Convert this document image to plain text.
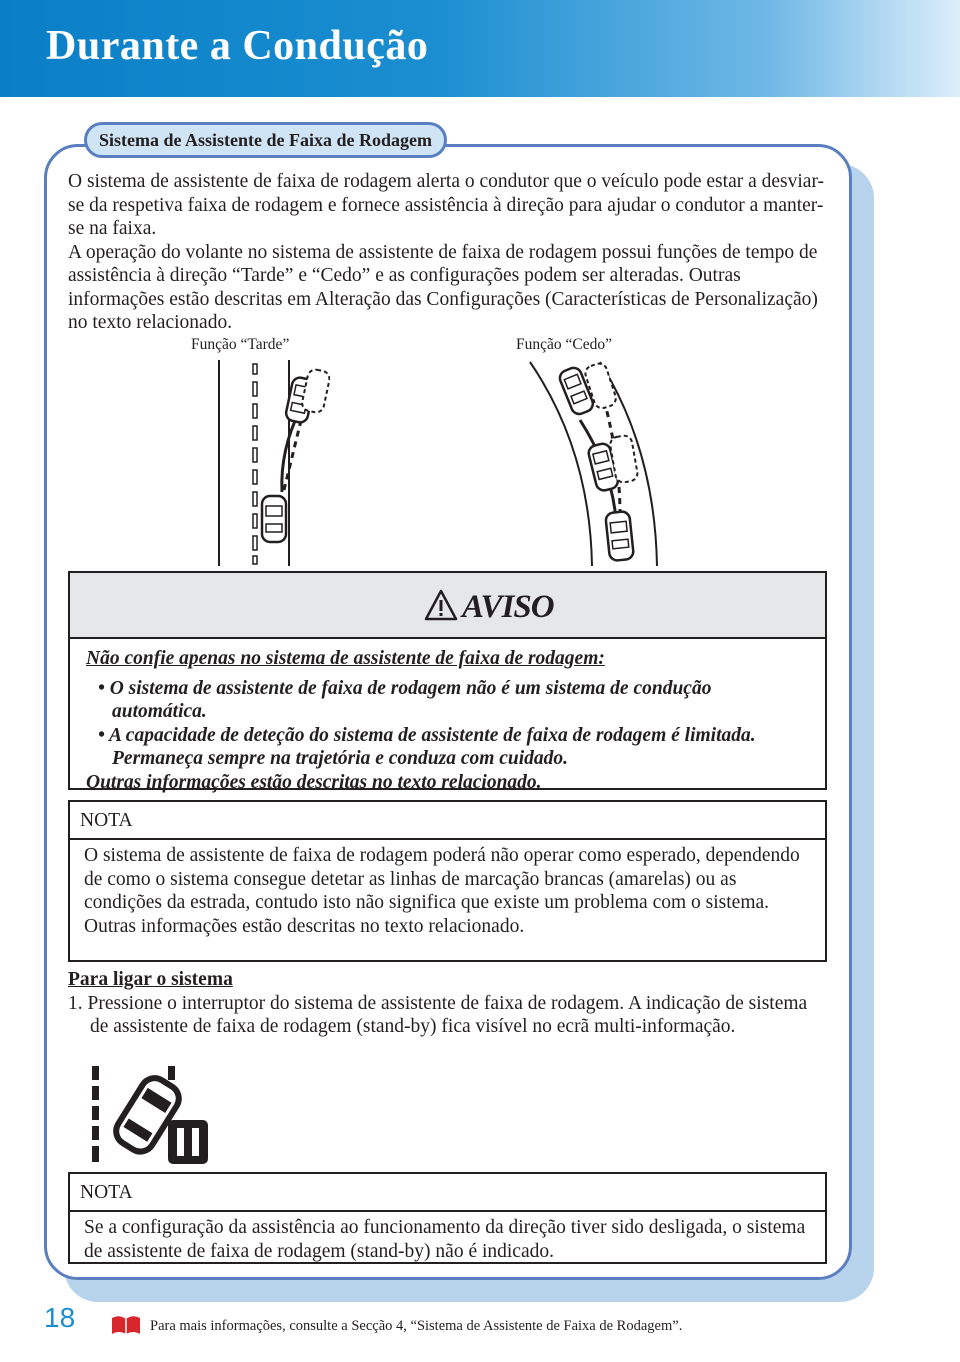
Durante a Condução
Sistema de Assistente de Faixa de Rodagem

O sistema de assistente de faixa de rodagem alerta o condutor que o veículo pode estar a desviar-se da respetiva faixa de rodagem e fornece assistência à direção para ajudar o condutor a manter-se na faixa.

A operação do volante no sistema de assistente de faixa de rodagem possui funções de tempo de assistência à direção “Tarde” e “Cedo” e as configurações podem ser alteradas. Outras informações estão descritas em Alteração das Configurações (Características de Personalização) no texto relacionado.

Função “Tarde”	Função “Cedo”
AVISO
Não confie apenas no sistema de assistente de faixa de rodagem:
• O sistema de assistente de faixa de rodagem não é um sistema de condução automática.
• A capacidade de deteção do sistema de assistente de faixa de rodagem é limitada. Permaneça sempre na trajetória e conduza com cuidado.
Outras informações estão descritas no texto relacionado.
NOTA
O sistema de assistente de faixa de rodagem poderá não operar como esperado, dependendo de como o sistema consegue detetar as linhas de marcação brancas (amarelas) ou as condições da estrada, contudo isto não significa que existe um problema com o sistema.
Outras informações estão descritas no texto relacionado.
Para ligar o sistema
1. Pressione o interruptor do sistema de assistente de faixa de rodagem. A indicação de sistema de assistente de faixa de rodagem (stand-by) fica visível no ecrã multi-informação.
NOTA
Se a configuração da assistência ao funcionamento da direção tiver sido desligada, o sistema de assistente de faixa de rodagem (stand-by) não é indicado.
18	Para mais informações, consulte a Secção 4, “Sistema de Assistente de Faixa de Rodagem”.
